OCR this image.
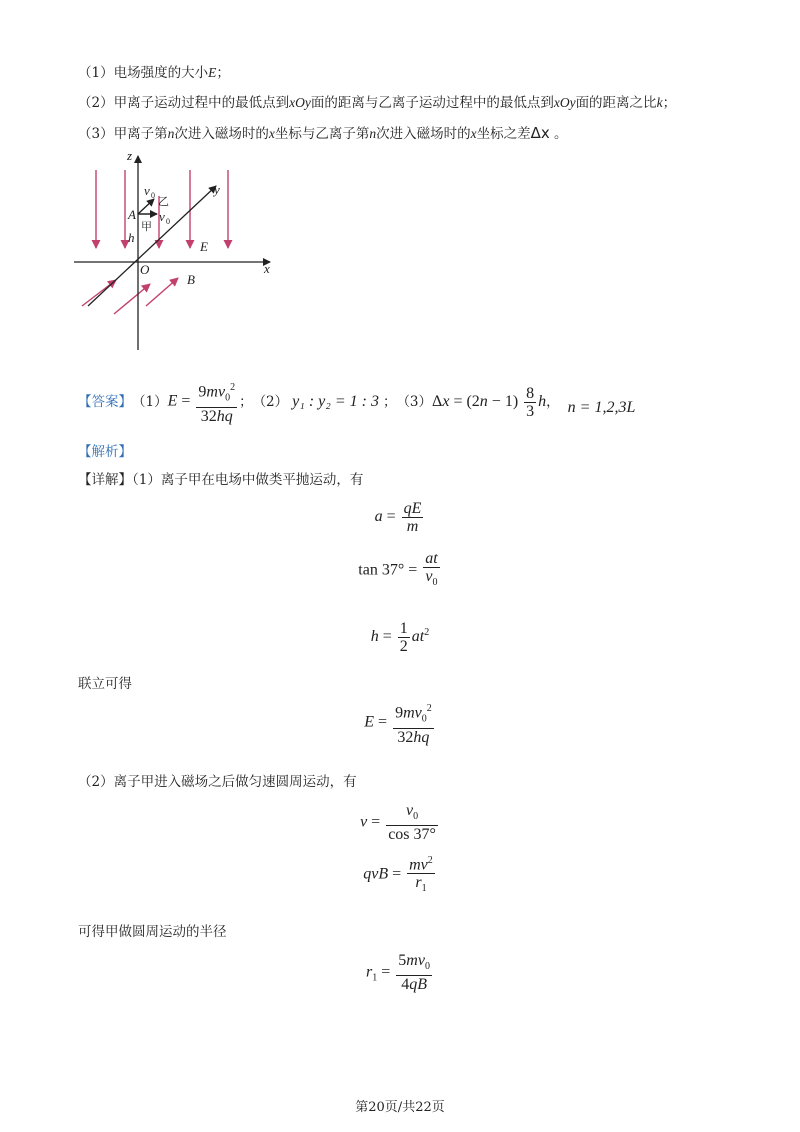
（1）电场强度的大小E；
（2）甲离子运动过程中的最低点到xOy面的距离与乙离子运动过程中的最低点到xOy面的距离之比k；
（3）甲离子第n次进入磁场时的x坐标与乙离子第n次进入磁场时的x坐标之差Δx 。
z
y
x
O
A
h
E
B
v
v
0
0
乙
甲
【答案】 （1） $E = \frac{9mv_0^2}{32hq}$ ； （2） y₁ : y₂ = 1 : 3 ； （3） $\Delta x = (2n - 1) \frac{8}{3}$ h ， n = 1,2,3L
【解析】
【详解】（1）离子甲在电场中做类平抛运动，有
$a = \frac{qE}{m}$
$\tan 37^\circ = \frac{at}{v_0}$
$h = \frac{1}{2} at^2$
联立可得
$E = \frac{9mv_0^2}{32hq}$
（2）离子甲进入磁场之后做匀速圆周运动，有
$v = \frac{v_0}{\cos 37^\circ}$
qvB = $\frac{mv^2}{r_1}$
可得甲做圆周运动的半径
$r_1 = \frac{5mv_0}{4qB}$
第20页/共22页
